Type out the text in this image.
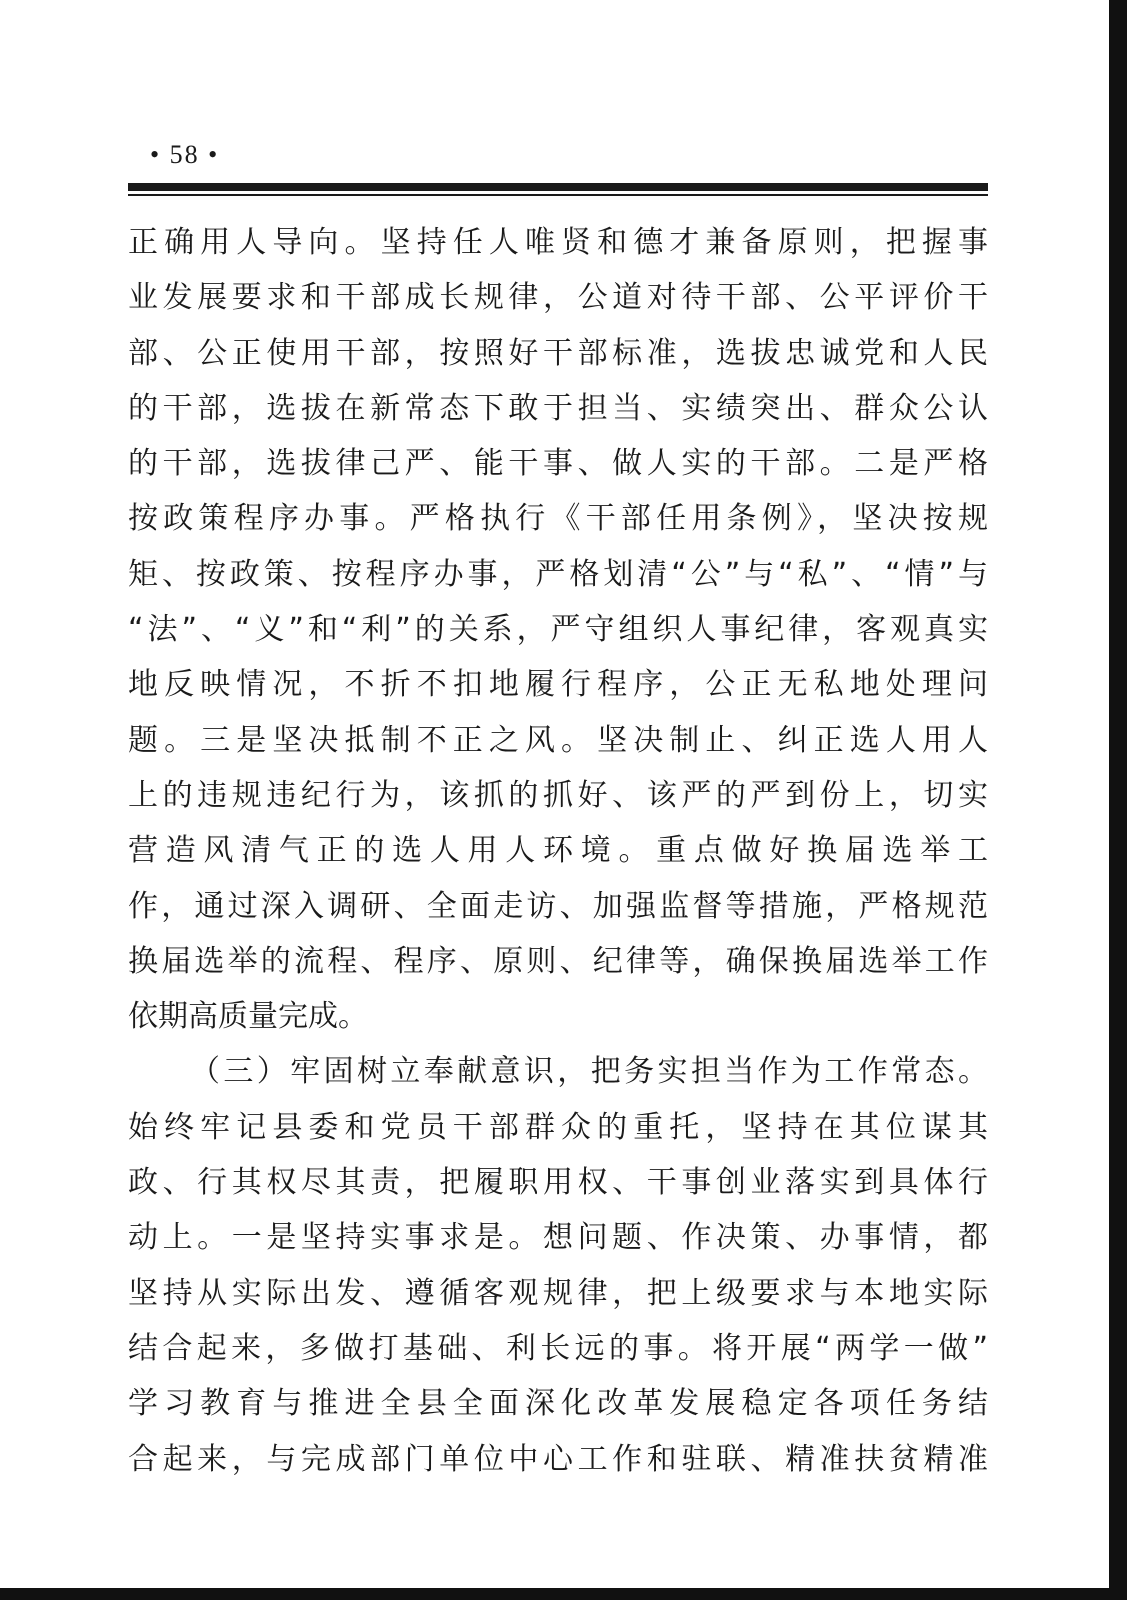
• 58 •
正确用人导向。坚持任人唯贤和德才兼备原则，把握事
业发展要求和干部成长规律，公道对待干部、公平评价干
部、公正使用干部，按照好干部标准，选拔忠诚党和人民
的干部，选拔在新常态下敢于担当、实绩突出、群众公认
的干部，选拔律己严、能干事、做人实的干部。二是严格
按政策程序办事。严格执行《干部任用条例》，坚决按规
矩、按政策、按程序办事，严格划清“公”与“私”、“情”与
“法”、“义”和“利”的关系，严守组织人事纪律，客观真实
地反映情况，不折不扣地履行程序，公正无私地处理问
题。三是坚决抵制不正之风。坚决制止、纠正选人用人
上的违规违纪行为，该抓的抓好、该严的严到份上，切实
营造风清气正的选人用人环境。重点做好换届选举工
作，通过深入调研、全面走访、加强监督等措施，严格规范
换届选举的流程、程序、原则、纪律等，确保换届选举工作
依期高质量完成。
（三）牢固树立奉献意识，把务实担当作为工作常态。
始终牢记县委和党员干部群众的重托，坚持在其位谋其
政、行其权尽其责，把履职用权、干事创业落实到具体行
动上。一是坚持实事求是。想问题、作决策、办事情，都
坚持从实际出发、遵循客观规律，把上级要求与本地实际
结合起来，多做打基础、利长远的事。将开展“两学一做”
学习教育与推进全县全面深化改革发展稳定各项任务结
合起来，与完成部门单位中心工作和驻联、精准扶贫精准
